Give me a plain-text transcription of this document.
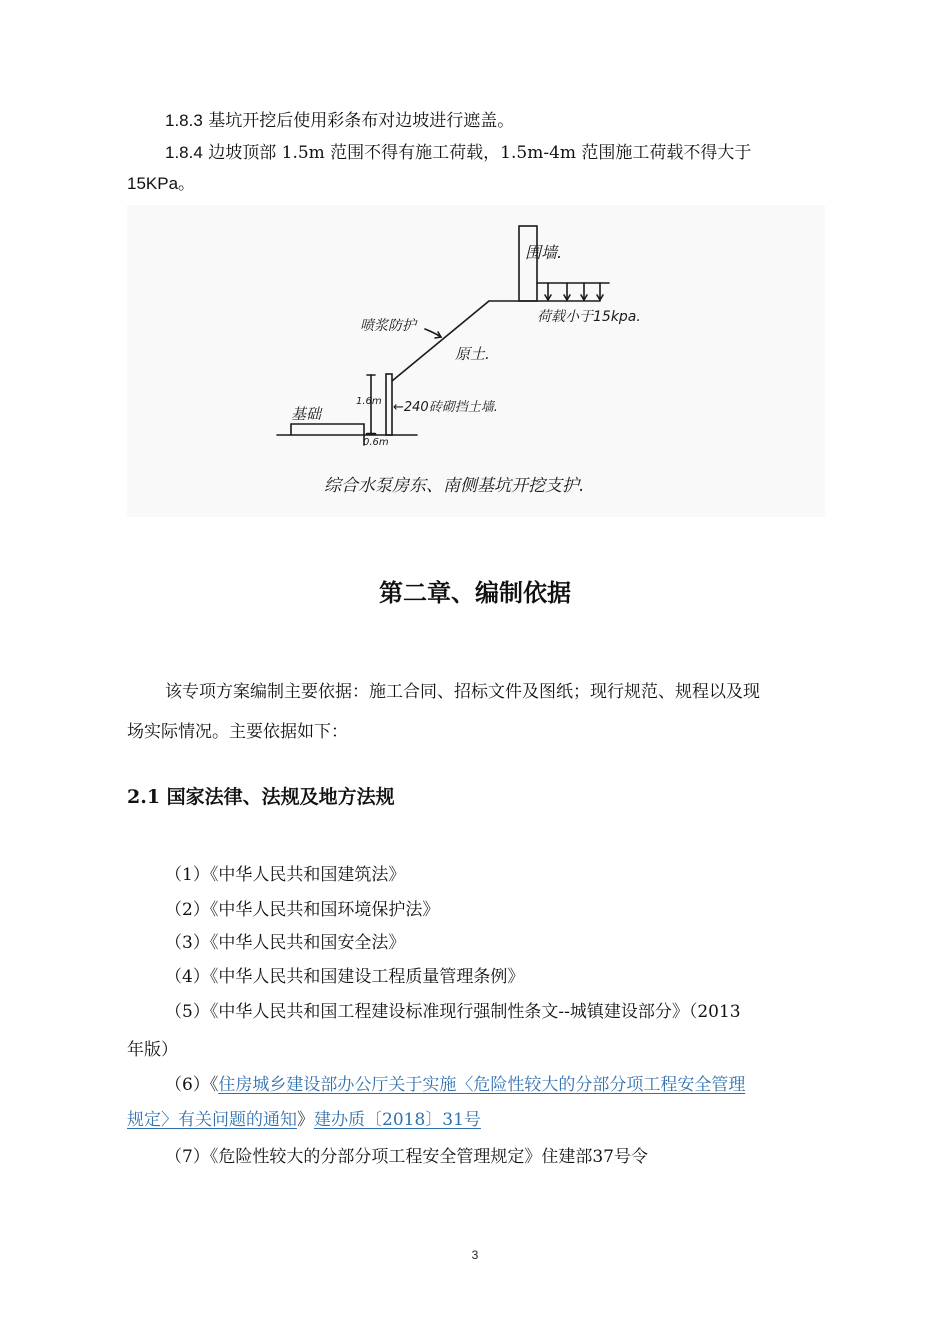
1.8.3 基坑开挖后使用彩条布对边坡进行遮盖。
1.8.4 边坡顶部 1.5m 范围不得有施工荷载，1.5m-4m 范围施工荷载不得大于
15KPa。
围墙.
荷载小于15kpa.
喷浆防护
原土.
1.6m ←240砖砌挡土墙.
基础
0.6m
综合水泵房东、南侧基坑开挖支护.
第二章、编制依据
该专项方案编制主要依据：施工合同、招标文件及图纸；现行规范、规程以及现
场实际情况。主要依据如下：
2.1 国家法律、法规及地方法规
（1）《中华人民共和国建筑法》
（2）《中华人民共和国环境保护法》
（3）《中华人民共和国安全法》
（4）《中华人民共和国建设工程质量管理条例》
（5）《中华人民共和国工程建设标准现行强制性条文--城镇建设部分》（2013
年版）
（6）《住房城乡建设部办公厅关于实施〈危险性较大的分部分项工程安全管理
规定〉有关问题的通知》建办质〔2018〕31号
（7）《危险性较大的分部分项工程安全管理规定》住建部37号令
3
